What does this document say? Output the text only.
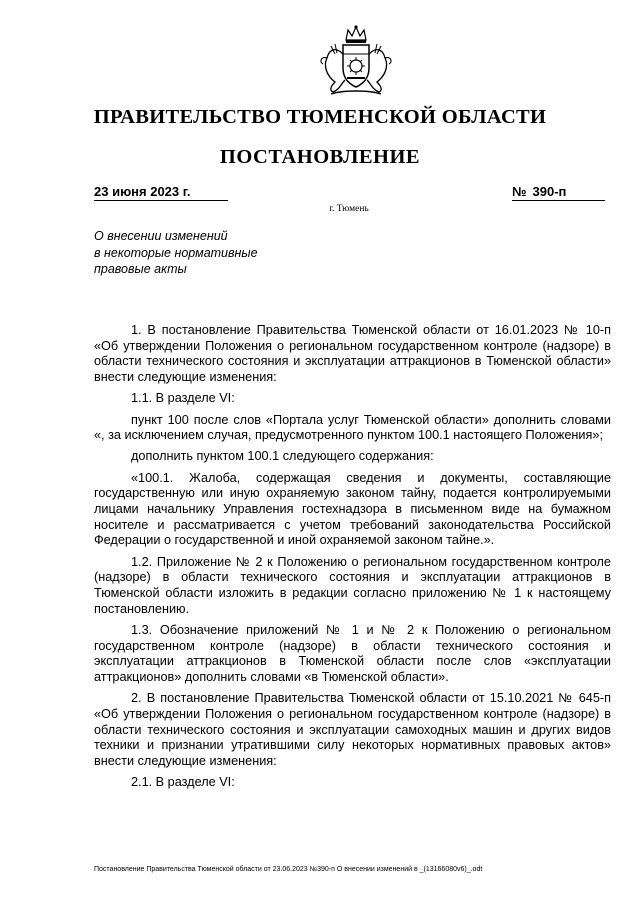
ПРАВИТЕЛЬСТВО ТЮМЕНСКОЙ ОБЛАСТИ
ПОСТАНОВЛЕНИЕ
23 июня 2023 г.	№ 390-п
г. Тюмень
О внесении изменений
в некоторые нормативные
правовые акты

1. В постановление Правительства Тюменской области от 16.01.2023 № 10-п «Об утверждении Положения о региональном государственном контроле (надзоре) в области технического состояния и эксплуатации аттракционов в Тюменской области» внести следующие изменения:

1.1. В разделе VI:

пункт 100 после слов «Портала услуг Тюменской области» дополнить словами «, за исключением случая, предусмотренного пунктом 100.1 настоящего Положения»;

дополнить пунктом 100.1 следующего содержания:

«100.1. Жалоба, содержащая сведения и документы, составляющие государственную или иную охраняемую законом тайну, подается контролируемыми лицами начальнику Управления гостехнадзора в письменном виде на бумажном носителе и рассматривается с учетом требований законодательства Российской Федерации о государственной и иной охраняемой законом тайне.».

1.2. Приложение № 2 к Положению о региональном государственном контроле (надзоре) в области технического состояния и эксплуатации аттракционов в Тюменской области изложить в редакции согласно приложению № 1 к настоящему постановлению.

1.3. Обозначение приложений № 1 и № 2 к Положению о региональном государственном контроле (надзоре) в области технического состояния и эксплуатации аттракционов в Тюменской области после слов «эксплуатации аттракционов» дополнить словами «в Тюменской области».

2. В постановление Правительства Тюменской области от 15.10.2021 № 645-п «Об утверждении Положения о региональном государственном контроле (надзоре) в области технического состояния и эксплуатации самоходных машин и других видов техники и признании утратившими силу некоторых нормативных правовых актов» внести следующие изменения:

2.1. В разделе VI:

Постановление Правительства Тюменской области от 23.06.2023 №390-п О внесении изменений в _(13166080v6)_.odt
